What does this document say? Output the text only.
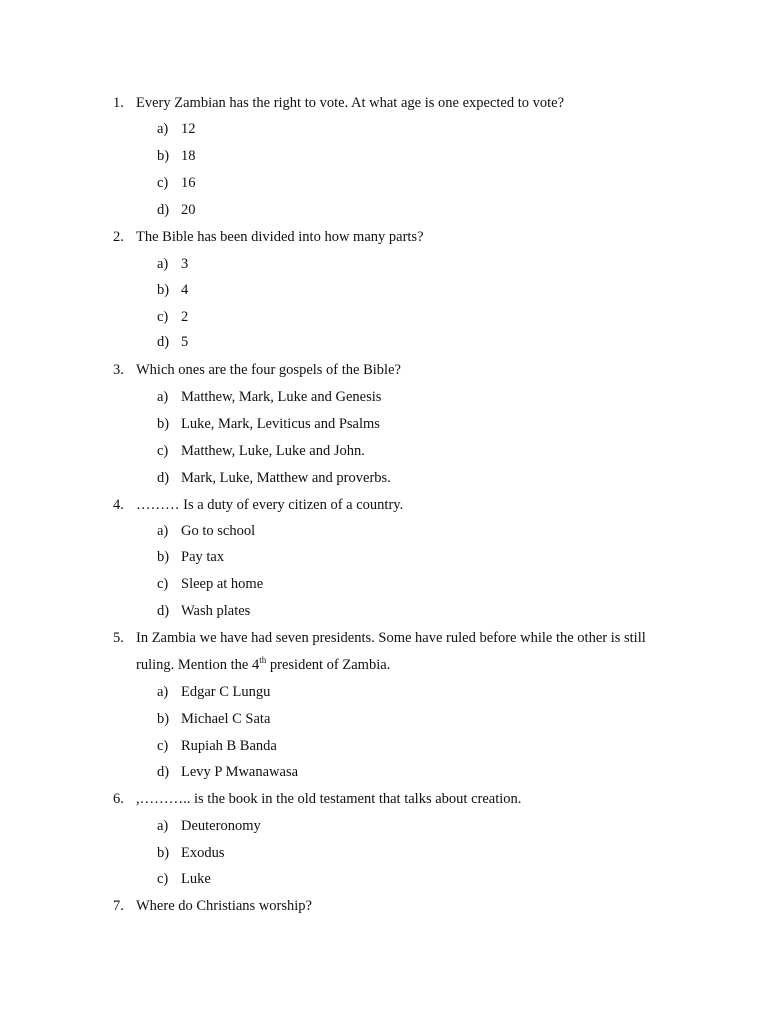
1. Every Zambian has the right to vote. At what age is one expected to vote?
a) 12
b) 18
c) 16
d) 20
2. The Bible has been divided into how many parts?
a) 3
b) 4
c) 2
d) 5
3. Which ones are the four gospels of the Bible?
a) Matthew, Mark, Luke and Genesis
b) Luke, Mark, Leviticus and Psalms
c) Matthew, Luke, Luke and John.
d) Mark, Luke, Matthew and proverbs.
4. ……… Is a duty of every citizen of a country.
a) Go to school
b) Pay tax
c) Sleep at home
d) Wash plates
5. In Zambia we have had seven presidents. Some have ruled before while the other is still
ruling. Mention the 4th president of Zambia.
a) Edgar C Lungu
b) Michael C Sata
c) Rupiah B Banda
d) Levy P Mwanawasa
6. ,……….. is the book in the old testament that talks about creation.
a) Deuteronomy
b) Exodus
c) Luke
7. Where do Christians worship?
